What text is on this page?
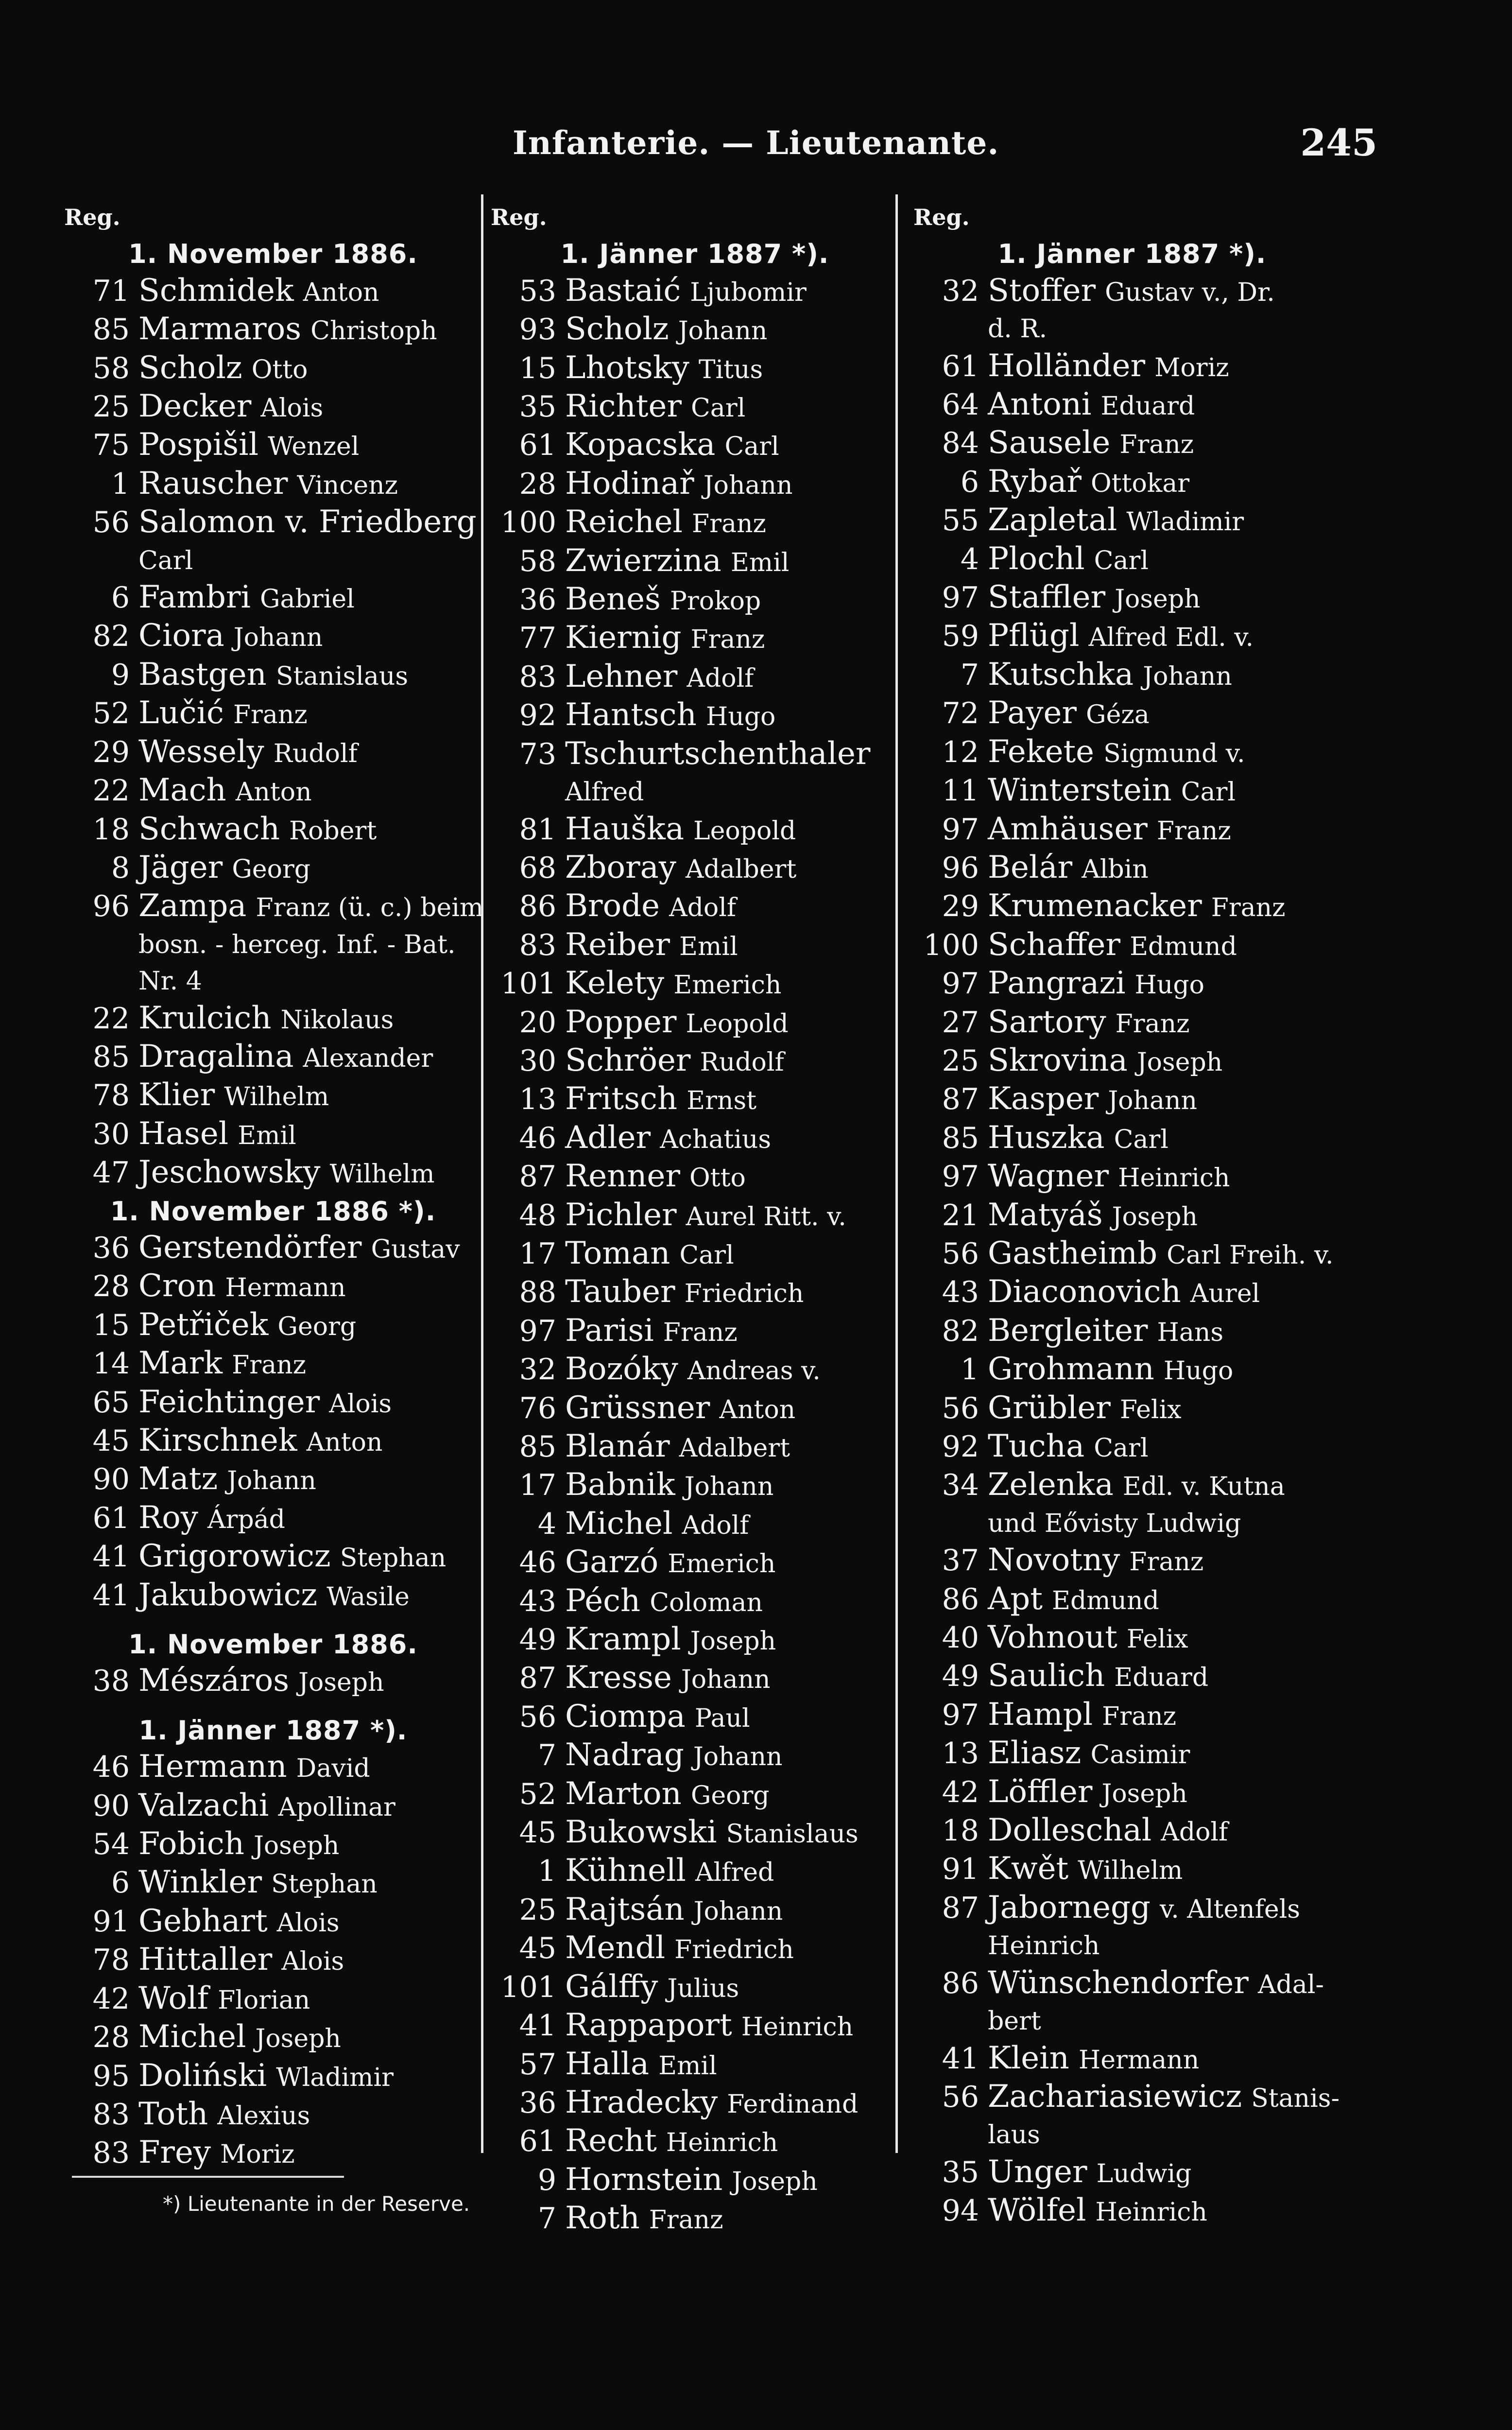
Infanterie. — Lieutenante.	245
Reg.
1. November 1886.
71 Schmidek Anton
85 Marmaros Christoph
58 Scholz Otto
25 Decker Alois
75 Pospišil Wenzel
1 Rauscher Vincenz
56 Salomon v. Friedberg
Carl
6 Fambri Gabriel
82 Ciora Johann
9 Bastgen Stanislaus
52 Lučić Franz
29 Wessely Rudolf
22 Mach Anton
18 Schwach Robert
8 Jäger Georg
96 Zampa Franz (ü. c.) beim
bosn. - herceg. Inf. - Bat.
Nr. 4
22 Krulcich Nikolaus
85 Dragalina Alexander
78 Klier Wilhelm
30 Hasel Emil
47 Jeschowsky Wilhelm
1. November 1886 *).
36 Gerstendörfer Gustav
28 Cron Hermann
15 Petřiček Georg
14 Mark Franz
65 Feichtinger Alois
45 Kirschnek Anton
90 Matz Johann
61 Roy Árpád
41 Grigorowicz Stephan
41 Jakubowicz Wasile
1. November 1886.
38 Mészáros Joseph
1. Jänner 1887 *).
46 Hermann David
90 Valzachi Apollinar
54 Fobich Joseph
6 Winkler Stephan
91 Gebhart Alois
78 Hittaller Alois
42 Wolf Florian
28 Michel Joseph
95 Doliński Wladimir
83 Toth Alexius
83 Frey Moriz
Reg.
1. Jänner 1887 *).
53 Bastaić Ljubomir
93 Scholz Johann
15 Lhotsky Titus
35 Richter Carl
61 Kopacska Carl
28 Hodinař Johann
100 Reichel Franz
58 Zwierzina Emil
36 Beneš Prokop
77 Kiernig Franz
83 Lehner Adolf
92 Hantsch Hugo
73 Tschurtschenthaler
Alfred
81 Hauška Leopold
68 Zboray Adalbert
86 Brode Adolf
83 Reiber Emil
101 Kelety Emerich
20 Popper Leopold
30 Schröer Rudolf
13 Fritsch Ernst
46 Adler Achatius
87 Renner Otto
48 Pichler Aurel Ritt. v.
17 Toman Carl
88 Tauber Friedrich
97 Parisi Franz
32 Bozóky Andreas v.
76 Grüssner Anton
85 Blanár Adalbert
17 Babnik Johann
4 Michel Adolf
46 Garzó Emerich
43 Péch Coloman
49 Krampl Joseph
87 Kresse Johann
56 Ciompa Paul
7 Nadrag Johann
52 Marton Georg
45 Bukowski Stanislaus
1 Kühnell Alfred
25 Rajtsán Johann
45 Mendl Friedrich
101 Gálffy Julius
41 Rappaport Heinrich
57 Halla Emil
36 Hradecky Ferdinand
61 Recht Heinrich
9 Hornstein Joseph
7 Roth Franz
Reg.
1. Jänner 1887 *).
32 Stoffer Gustav v., Dr.
d. R.
61 Holländer Moriz
64 Antoni Eduard
84 Sausele Franz
6 Rybař Ottokar
55 Zapletal Wladimir
4 Plochl Carl
97 Staffler Joseph
59 Pflügl Alfred Edl. v.
7 Kutschka Johann
72 Payer Géza
12 Fekete Sigmund v.
11 Winterstein Carl
97 Amhäuser Franz
96 Belár Albin
29 Krumenacker Franz
100 Schaffer Edmund
97 Pangrazi Hugo
27 Sartory Franz
25 Skrovina Joseph
87 Kasper Johann
85 Huszka Carl
97 Wagner Heinrich
21 Matyáš Joseph
56 Gastheimb Carl Freih. v.
43 Diaconovich Aurel
82 Bergleiter Hans
1 Grohmann Hugo
56 Grübler Felix
92 Tucha Carl
34 Zelenka Edl. v. Kutna
und Eővisty Ludwig
37 Novotny Franz
86 Apt Edmund
40 Vohnout Felix
49 Saulich Eduard
97 Hampl Franz
13 Eliasz Casimir
42 Löffler Joseph
18 Dolleschal Adolf
91 Kwět Wilhelm
87 Jabornegg v. Altenfels
Heinrich
86 Wünschendorfer Adal-
bert
41 Klein Hermann
56 Zachariasiewicz Stanis-
laus
35 Unger Ludwig
94 Wölfel Heinrich
*) Lieutenante in der Reserve.
